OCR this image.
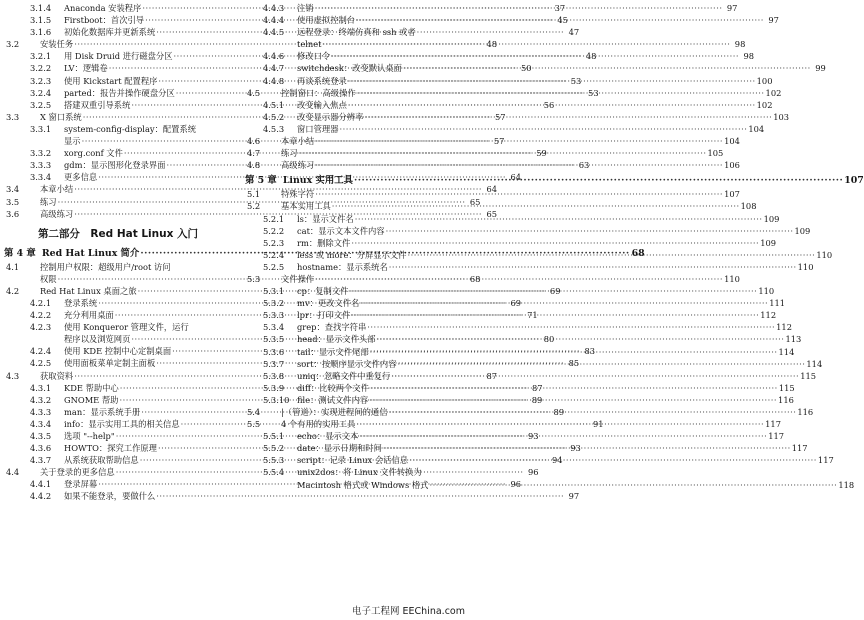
3.1.4	Anaconda 安装程序 ·····	37
3.1.5	Firstboot：首次引导 ·····	45
3.1.6	初始化数据库并更新系统 ·····	47
3.2	安装任务 ·····	48
3.2.1	用 Disk Druid 进行磁盘分区 ·····	48
3.2.2	LV：逻辑卷 ·····	50
3.2.3	使用 Kickstart 配置程序 ·····	53
3.2.4	parted：报告并操作硬盘分区 ·····	53
3.2.5	搭建双重引导系统 ·····	56
3.3	X 窗口系统 ·····	57
3.3.1	system-config-display：配置系统
显示 ·····	57
3.3.2	xorg.conf 文件 ·····	59
3.3.3	gdm：显示图形化登录界面 ·····	63
3.3.4	更多信息 ·····	64
3.4	本章小结 ·····	64
3.5	练习 ·····	65
3.6	高级练习 ·····	65
第二部分　Red Hat Linux 入门
第 4 章 Red Hat Linux 简介 ·····	68
4.1	控制用户权限：超级用户/root 访问
权限 ·····	68
4.2	Red Hat Linux 桌面之旅 ·····	69
4.2.1	登录系统 ·····	69
4.2.2	充分利用桌面 ·····	71
4.2.3	使用 Konqueror 管理文件，运行
程序以及浏览网页 ·····	80
4.2.4	使用 KDE 控制中心定制桌面 ·····	83
4.2.5	使用面板菜单定制主面板 ·····	85
4.3	获取资料 ·····	87
4.3.1	KDE 帮助中心 ·····	87
4.3.2	GNOME 帮助 ·····	89
4.3.3	man：显示系统手册 ·····	89
4.3.4	info：显示实用工具的相关信息 ·····	91
4.3.5	选项 "--help" ·····	93
4.3.6	HOWTO：探究工作原理 ·····	93
4.3.7	从系统获取帮助信息 ·····	94
4.4	关于登录的更多信息 ·····	96
4.4.1	登录屏幕 ·····	96
4.4.2	如果不能登录，要做什么 ·····	97
4.4.3	注销 ·····	97
4.4.4	使用虚拟控制台 ·····	97
4.4.5	远程登录：终端仿真和 ssh 或者
telnet ·····	98
4.4.6	修改口令 ·····	98
4.4.7	switchdesk：改变默认桌面 ·····	99
4.4.8	再谈系统登录 ·····	100
4.5	控制窗口：高级操作 ·····	102
4.5.1	改变输入焦点 ·····	102
4.5.2	改变显示器分辨率 ·····	103
4.5.3	窗口管理器 ·····	104
4.6	本章小结 ·····	104
4.7	练习 ·····	105
4.8	高级练习 ·····	106
第 5 章 Linux 实用工具 ·····	107
5.1	特殊字符 ·····	107
5.2	基本实用工具 ·····	108
5.2.1	ls：显示文件名 ·····	109
5.2.2	cat：显示文本文件内容 ·····	109
5.2.3	rm：删除文件 ·····	109
5.2.4	less 或 more：分屏显示文件 ·····	110
5.2.5	hostname：显示系统名 ·····	110
5.3	文件操作 ·····	110
5.3.1	cp：复制文件 ·····	110
5.3.2	mv：更改文件名 ·····	111
5.3.3	lpr：打印文件 ·····	112
5.3.4	grep：查找字符串 ·····	112
5.3.5	head：显示文件头部 ·····	113
5.3.6	tail：显示文件尾部 ·····	114
5.3.7	sort：按顺序显示文件内容 ·····	114
5.3.8	uniq：忽略文件中重复行 ·····	115
5.3.9	diff：比较两个文件 ·····	115
5.3.10 file：测试文件内容 ·····	116
5.4	|（管道）：实现进程间的通信 ·····	116
5.5	4 个有用的实用工具 ·····	117
5.5.1	echo：显示文本 ·····	117
5.5.2	date：显示日期和时间 ·····	117
5.5.3	script：记录 Linux 会话信息 ·····	117
5.5.4	unix2dos：将 Linux 文件转换为
Macintosh 格式或 Windows 格式 ·····	118
电子工程网 EEChina.com
